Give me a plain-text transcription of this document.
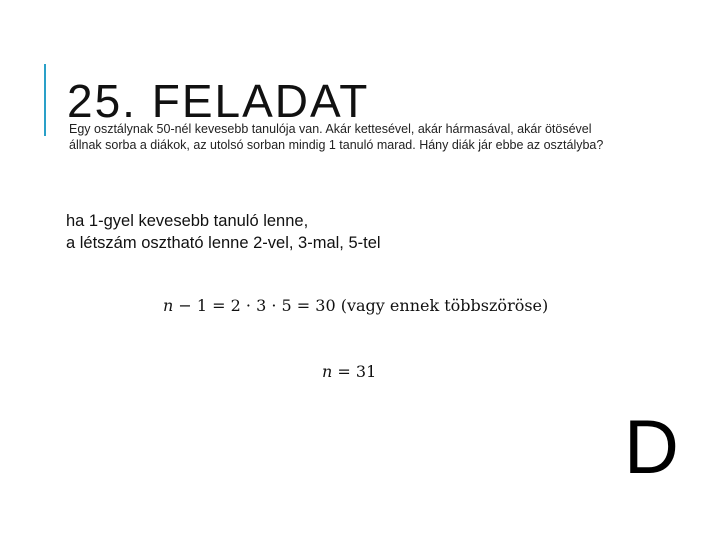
25. FELADAT

Egy osztálynak 50-nél kevesebb tanulója van. Akár kettesével, akár hármasával, akár ötösével állnak sorba a diákok, az utolsó sorban mindig 1 tanuló marad. Hány diák jár ebbe az osztályba?

ha 1-gyel kevesebb tanuló lenne,
a létszám osztható lenne 2-vel, 3-mal, 5-tel
n − 1 = 2 · 3 · 5 = 30 (vagy ennek többszöröse)
n = 31
D
